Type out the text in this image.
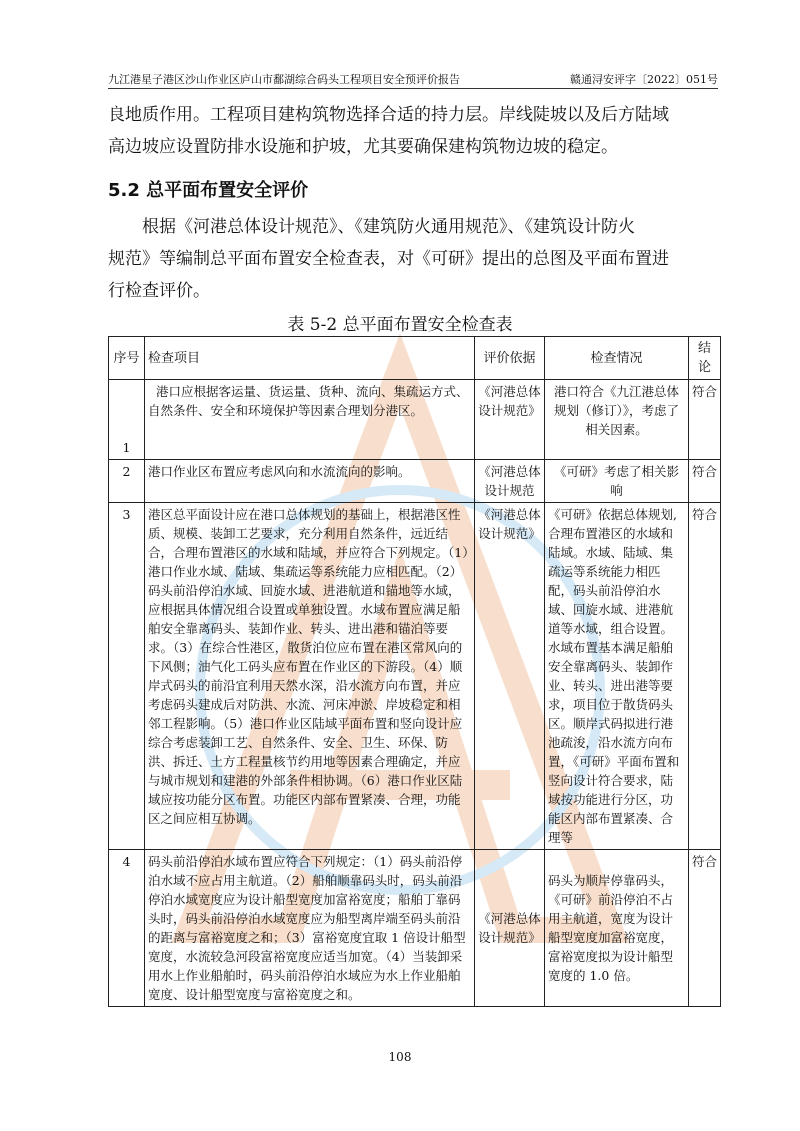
九江港星子港区沙山作业区庐山市鄱湖综合码头工程项目安全预评价报告	赣通浔安评字〔2022〕051号

良地质作用。工程项目建构筑物选择合适的持力层。岸线陡坡以及后方陆域

高边坡应设置防排水设施和护坡，尤其要确保建构筑物边坡的稳定。

5.2 总平面布置安全评价

根据《河港总体设计规范》、《建筑防火通用规范》、《建筑设计防火

规范》等编制总平面布置安全检查表，对《可研》提出的总图及平面布置进

行检查评价。

表 5-2 总平面布置安全检查表
序号	检查项目	评价依据	检查情况	结论
1	港口应根据客运量、货运量、货种、流向、集疏运方式、自然条件、安全和环境保护等因素合理划分港区。	《河港总体设计规范》	港口符合《九江港总体规划（修订）》，考虑了相关因素。	符合
2	港口作业区布置应考虑风向和水流流向的影响。	《河港总体设计规范	《可研》考虑了相关影响	符合
3	港区总平面设计应在港口总体规划的基础上，根据港区性质、规模、装卸工艺要求，充分利用自然条件，远近结合，合理布置港区的水域和陆域，并应符合下列规定。（1）港口作业水域、陆域、集疏运等系统能力应相匹配。（2）码头前沿停泊水域、回旋水域、进港航道和锚地等水域，应根据具体情况组合设置或单独设置。水域布置应满足船舶安全靠离码头、装卸作业、转头、进出港和锚泊等要求。（3）在综合性港区，散货泊位应布置在港区常风向的下风侧；油气化工码头应布置在作业区的下游段。（4）顺岸式码头的前沿宜利用天然水深，沿水流方向布置，并应考虑码头建成后对防洪、水流、河床冲淤、岸坡稳定和相邻工程影响。（5）港口作业区陆域平面布置和竖向设计应综合考虑装卸工艺、自然条件、安全、卫生、环保、防洪、拆迁、土方工程量核节约用地等因素合理确定，并应与城市规划和建港的外部条件相协调。（6）港口作业区陆域应按功能分区布置。功能区内部布置紧凑、合理，功能区之间应相互协调。	《河港总体设计规范》	《可研》依据总体规划,合理布置港区的水域和陆域。水域、陆域、集疏运等系统能力相匹配，码头前沿停泊水域、回旋水域、进港航道等水域，组合设置。水域布置基本满足船舶安全靠离码头、装卸作业、转头、进出港等要求，项目位于散货码头区。顺岸式码拟进行港池疏浚，沿水流方向布置，《可研》平面布置和竖向设计符合要求，陆域按功能进行分区，功能区内部布置紧凑、合理等	符合
4	码头前沿停泊水域布置应符合下列规定：（1）码头前沿停泊水域不应占用主航道。（2）船舶顺靠码头时，码头前沿停泊水域宽度应为设计船型宽度加富裕宽度；船舶丁靠码头时，码头前沿停泊水域宽度应为船型离岸端至码头前沿的距离与富裕宽度之和；（3）富裕宽度宜取 1 倍设计船型宽度，水流较急河段富裕宽度应适当加宽。（4）当装卸采用水上作业船舶时，码头前沿停泊水域应为水上作业船舶宽度、设计船型宽度与富裕宽度之和。	《河港总体设计规范》	码头为顺岸停靠码头，《可研》前沿停泊不占用主航道，宽度为设计船型宽度加富裕宽度，富裕宽度拟为设计船型宽度的 1.0 倍。	符合
108
